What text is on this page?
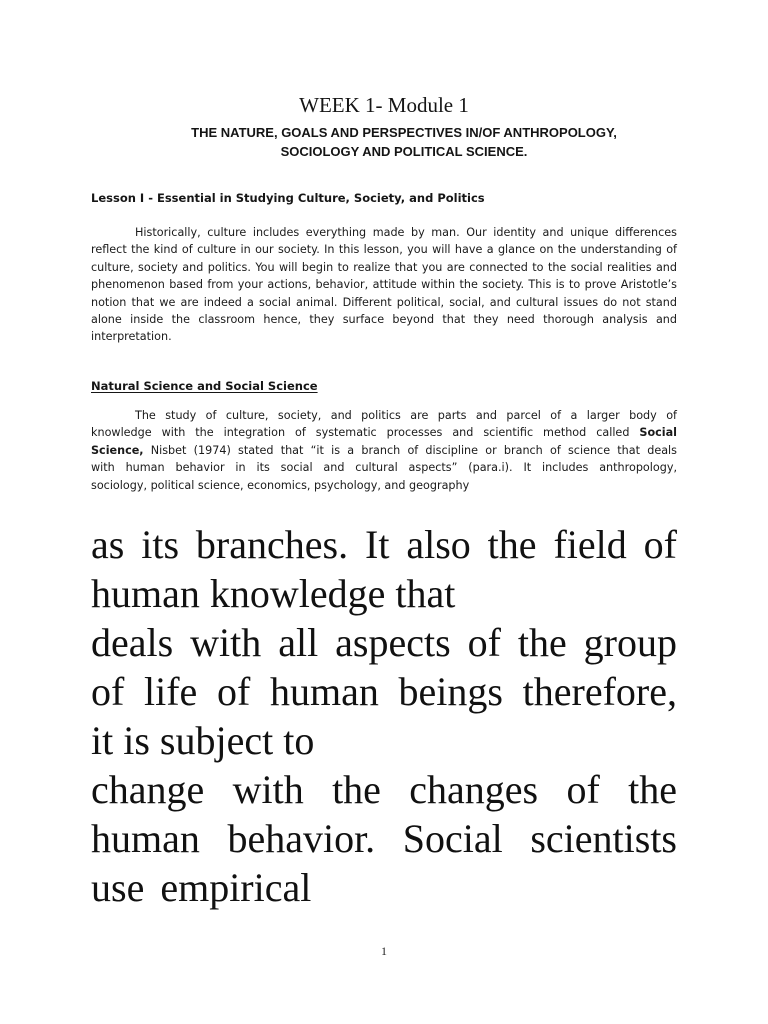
WEEK 1- Module 1
THE NATURE, GOALS AND PERSPECTIVES IN/OF ANTHROPOLOGY,
SOCIOLOGY AND POLITICAL SCIENCE.
Lesson I - Essential in Studying Culture, Society, and Politics
Historically, culture includes everything made by man. Our identity and unique differences
reflect the kind of culture in our society. In this lesson, you will have a glance on the understanding of
culture, society and politics. You will begin to realize that you are connected to the social realities and
phenomenon based from your actions, behavior, attitude within the society. This is to prove Aristotle’s
notion that we are indeed a social animal. Different political, social, and cultural issues do not stand
alone inside the classroom hence, they surface beyond that they need thorough analysis and
interpretation.
Natural Science and Social Science
The study of culture, society, and politics are parts and parcel of a larger body of
knowledge with the integration of systematic processes and scientific method called Social
Science, Nisbet (1974) stated that “it is a branch of discipline or branch of science that deals
with human behavior in its social and cultural aspects” (para.i). It includes anthropology,
sociology, political science, economics, psychology, and geography
as its branches. It also the field of
human knowledge that
deals with all aspects of the group
of life of human beings therefore,
it is subject to
change with the changes of the
human behavior. Social scientists
use empirical
1
